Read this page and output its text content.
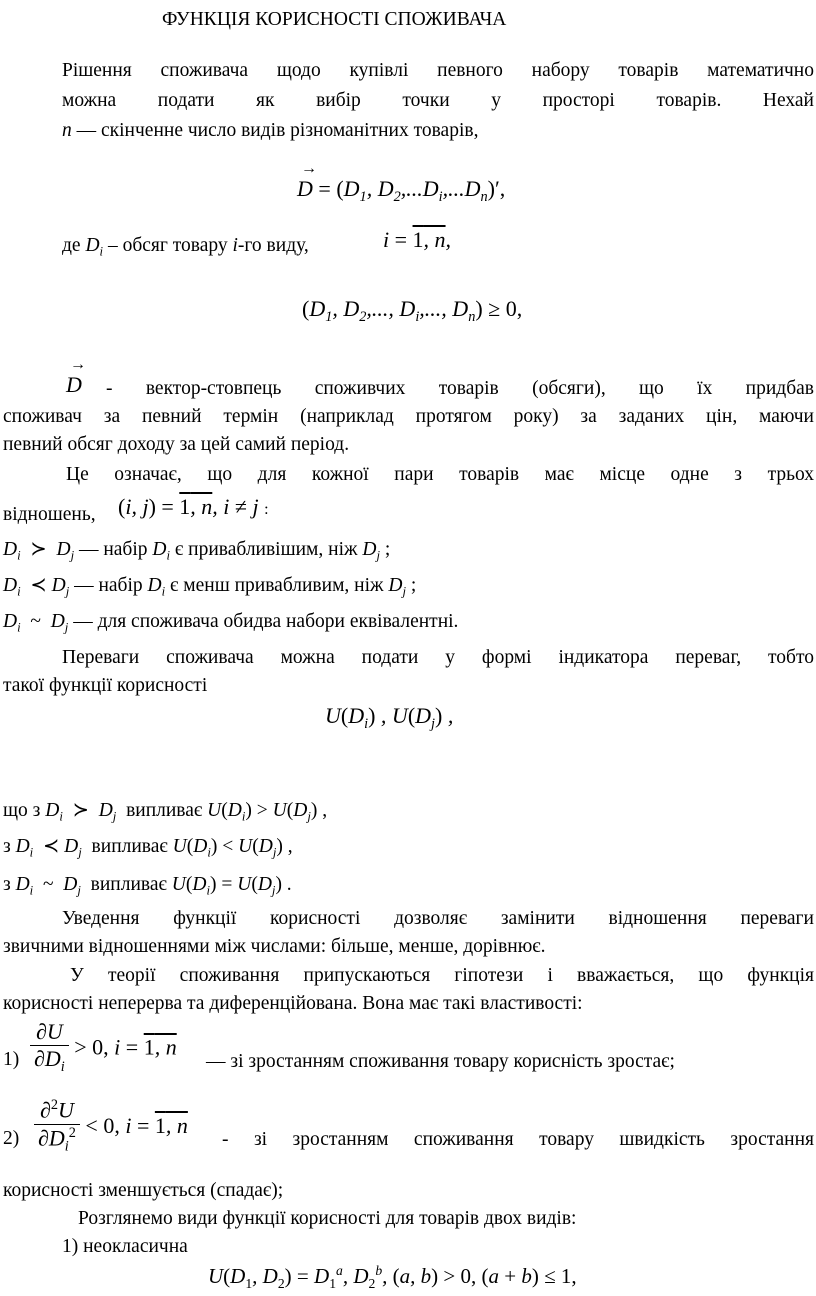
ФУНКЦІЯ КОРИСНОСТІ СПОЖИВАЧА
Рішення споживача щодо купівлі певного набору товарів математично
можна подати як вибір точки у просторі товарів. Нехай
n — скінченне число видів різноманітних товарів,
→ $D = (D_1$, $D_2,...D_i,...D_n)'$,
де $D_i$ – обсяг товару i-го виду,	i = 1, n,
($D_1$, $D_2$,..., $D_i$,..., $D_n) \ge 0$,
→ D - вектор-стовпець споживчих товарів (обсяги), що їх придбав
споживач за певний термін (наприклад протягом року) за заданих цін, маючи
певний обсяг доходу за цей самий період.
Це означає, що для кожної пари товарів має місце одне з трьох
відношень, (i, j) = 1, n, i ≠ j :
$D_i$  ≻  $D_j$ — набір $D_i$ є привабливішим, ніж $D_j$ ;
$D_i$  ≺ $D_j$ — набір $D_i$ є менш привабливим, ніж $D_j$ ;
$D_i$  ~  $D_j$ — для споживача обидва набори еквівалентні.
Переваги споживача можна подати у формі індикатора переваг, тобто
такої функції корисності
$U(D_i)$ , $U(D_j)$ ,
що з $D_i$  ≻  $D_j$ випливає $U(D_i) > U(D_j)$ ,
з $D_i$  ≺ $D_j$ випливає $U(D_i) < U(D_j)$ ,
з $D_i$  ~  $D_j$ випливає $U(D_i) = U(D_j)$ .
Уведення функції корисності дозволяє замінити відношення переваги
звичними відношеннями між числами: більше, менше, дорівнює.
У теорії споживання припускаються гіпотези і вважається, що функція
корисності неперерва та диференційована. Вона має такі властивості:
$1) \frac{\partial U}{\partial D_i} > 0$, i = 1, n
— зі зростанням споживання товару корисність зростає;
$2) \frac{\partial^2U}{\partial D_i^2} < 0$, i = 1, n
- зі зростанням споживання товару швидкість зростання
корисності зменшується (спадає);
Розглянемо види функції корисності для товарів двох видів:
1) неокласична
$U(D_1$, $D_2) = D_1^a$, $D_2^b$, (a, b) > 0, (a + b) ≤ 1,
